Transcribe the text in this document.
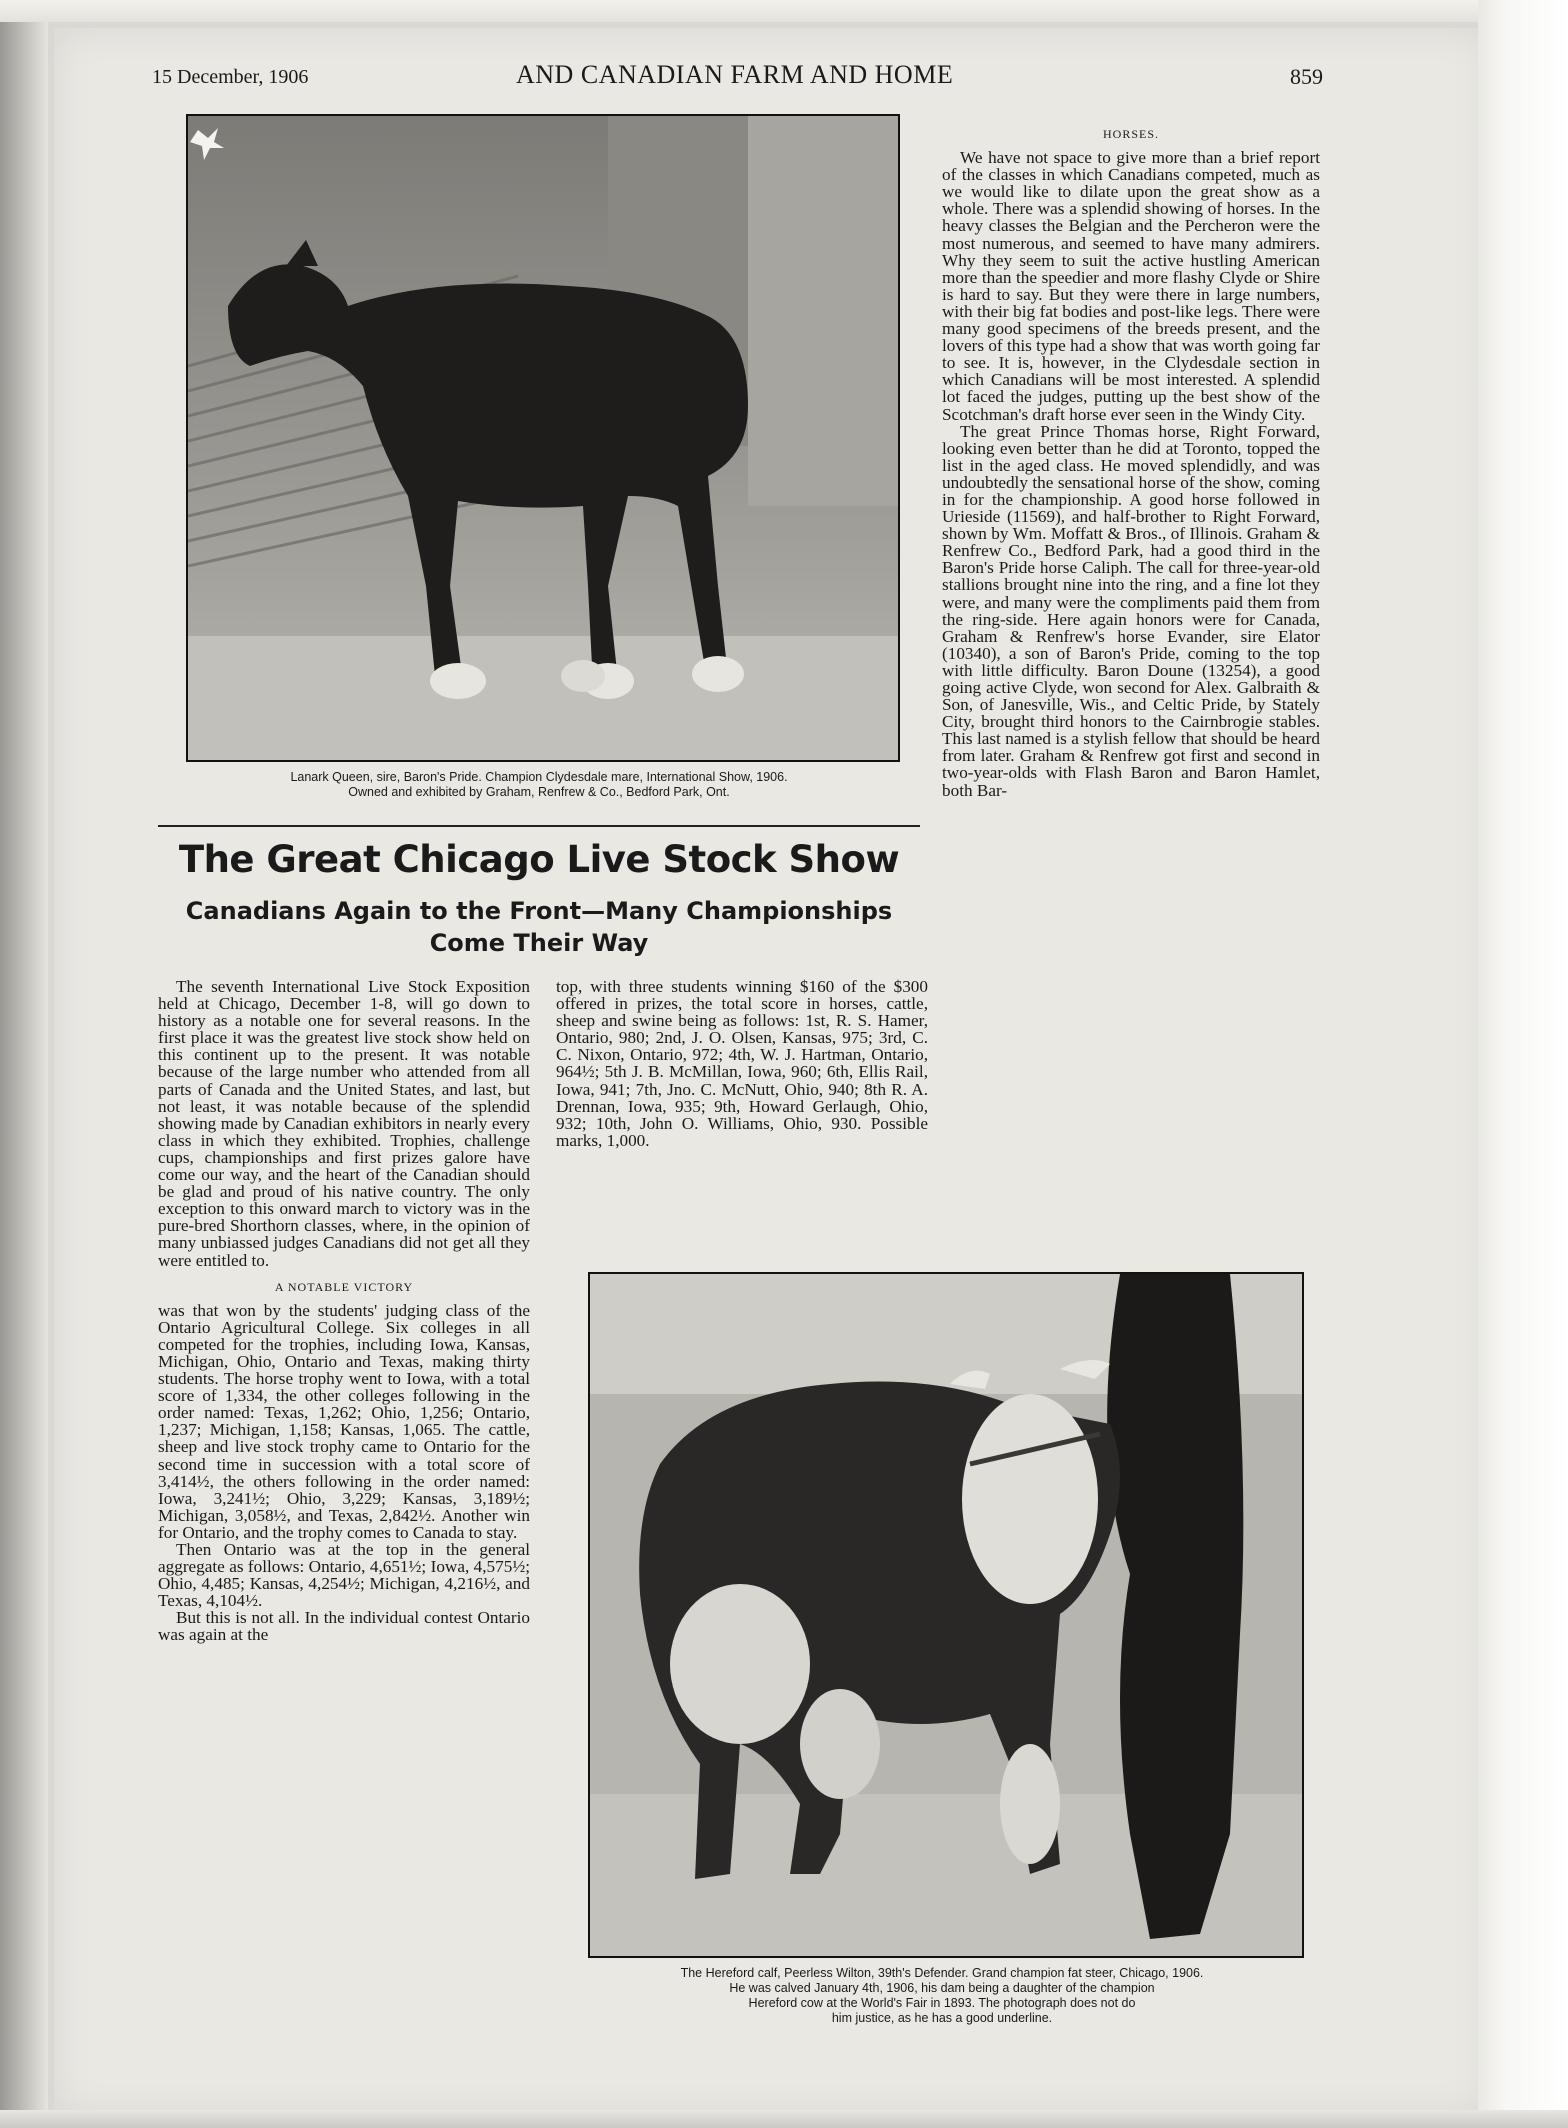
15 December, 1906	AND CANADIAN FARM AND HOME	859
Lanark Queen, sire, Baron's Pride. Champion Clydesdale mare, International Show, 1906.
Owned and exhibited by Graham, Renfrew & Co., Bedford Park, Ont.
The Great Chicago Live Stock Show
Canadians Again to the Front—Many Championships Come Their Way

The seventh International Live Stock Exposition held at Chicago, December 1-8, will go down to history as a notable one for several reasons. In the first place it was the greatest live stock show held on this continent up to the present. It was notable because of the large number who attended from all parts of Canada and the United States, and last, but not least, it was notable because of the splendid showing made by Canadian exhibitors in nearly every class in which they exhibited. Trophies, challenge cups, championships and first prizes galore have come our way, and the heart of the Canadian should be glad and proud of his native country. The only exception to this onward march to victory was in the pure-bred Shorthorn classes, where, in the opinion of many unbiassed judges Canadians did not get all they were entitled to.

A NOTABLE VICTORY

was that won by the students' judging class of the Ontario Agricultural College. Six colleges in all competed for the trophies, including Iowa, Kansas, Michigan, Ohio, Ontario and Texas, making thirty students. The horse trophy went to Iowa, with a total score of 1,334, the other colleges following in the order named: Texas, 1,262; Ohio, 1,256; Ontario, 1,237; Michigan, 1,158; Kansas, 1,065. The cattle, sheep and live stock trophy came to Ontario for the second time in succession with a total score of 3,414½, the others following in the order named: Iowa, 3,241½; Ohio, 3,229; Kansas, 3,189½; Michigan, 3,058½, and Texas, 2,842½. Another win for Ontario, and the trophy comes to Canada to stay.

Then Ontario was at the top in the general aggregate as follows: Ontario, 4,651½; Iowa, 4,575½; Ohio, 4,485; Kansas, 4,254½; Michigan, 4,216½, and Texas, 4,104½.

But this is not all. In the individual contest Ontario was again at the

top, with three students winning $160 of the $300 offered in prizes, the total score in horses, cattle, sheep and swine being as follows: 1st, R. S. Hamer, Ontario, 980; 2nd, J. O. Olsen, Kansas, 975; 3rd, C. C. Nixon, Ontario, 972; 4th, W. J. Hartman, Ontario, 964½; 5th J. B. McMillan, Iowa, 960; 6th, Ellis Rail, Iowa, 941; 7th, Jno. C. McNutt, Ohio, 940; 8th R. A. Drennan, Iowa, 935; 9th, Howard Gerlaugh, Ohio, 932; 10th, John O. Williams, Ohio, 930. Possible marks, 1,000.

HORSES.

We have not space to give more than a brief report of the classes in which Canadians competed, much as we would like to dilate upon the great show as a whole. There was a splendid showing of horses. In the heavy classes the Belgian and the Percheron were the most numerous, and seemed to have many admirers. Why they seem to suit the active hustling American more than the speedier and more flashy Clyde or Shire is hard to say. But they were there in large numbers, with their big fat bodies and post-like legs. There were many good specimens of the breeds present, and the lovers of this type had a show that was worth going far to see. It is, however, in the Clydesdale section in which Canadians will be most interested. A splendid lot faced the judges, putting up the best show of the Scotchman's draft horse ever seen in the Windy City.

The great Prince Thomas horse, Right Forward, looking even better than he did at Toronto, topped the list in the aged class. He moved splendidly, and was undoubtedly the sensational horse of the show, coming in for the championship. A good horse followed in Urieside (11569), and half-brother to Right Forward, shown by Wm. Moffatt & Bros., of Illinois. Graham & Renfrew Co., Bedford Park, had a good third in the Baron's Pride horse Caliph. The call for three-year-old stallions brought nine into the ring, and a fine lot they were, and many were the compliments paid them from the ring-side. Here again honors were for Canada, Graham & Renfrew's horse Evander, sire Elator (10340), a son of Baron's Pride, coming to the top with little difficulty. Baron Doune (13254), a good going active Clyde, won second for Alex. Galbraith & Son, of Janesville, Wis., and Celtic Pride, by Stately City, brought third honors to the Cairnbrogie stables. This last named is a stylish fellow that should be heard from later. Graham & Renfrew got first and second in two-year-olds with Flash Baron and Baron Hamlet, both Bar-

The Hereford calf, Peerless Wilton, 39th's Defender. Grand champion fat steer, Chicago, 1906.
He was calved January 4th, 1906, his dam being a daughter of the champion
Hereford cow at the World's Fair in 1893. The photograph does not do
him justice, as he has a good underline.
